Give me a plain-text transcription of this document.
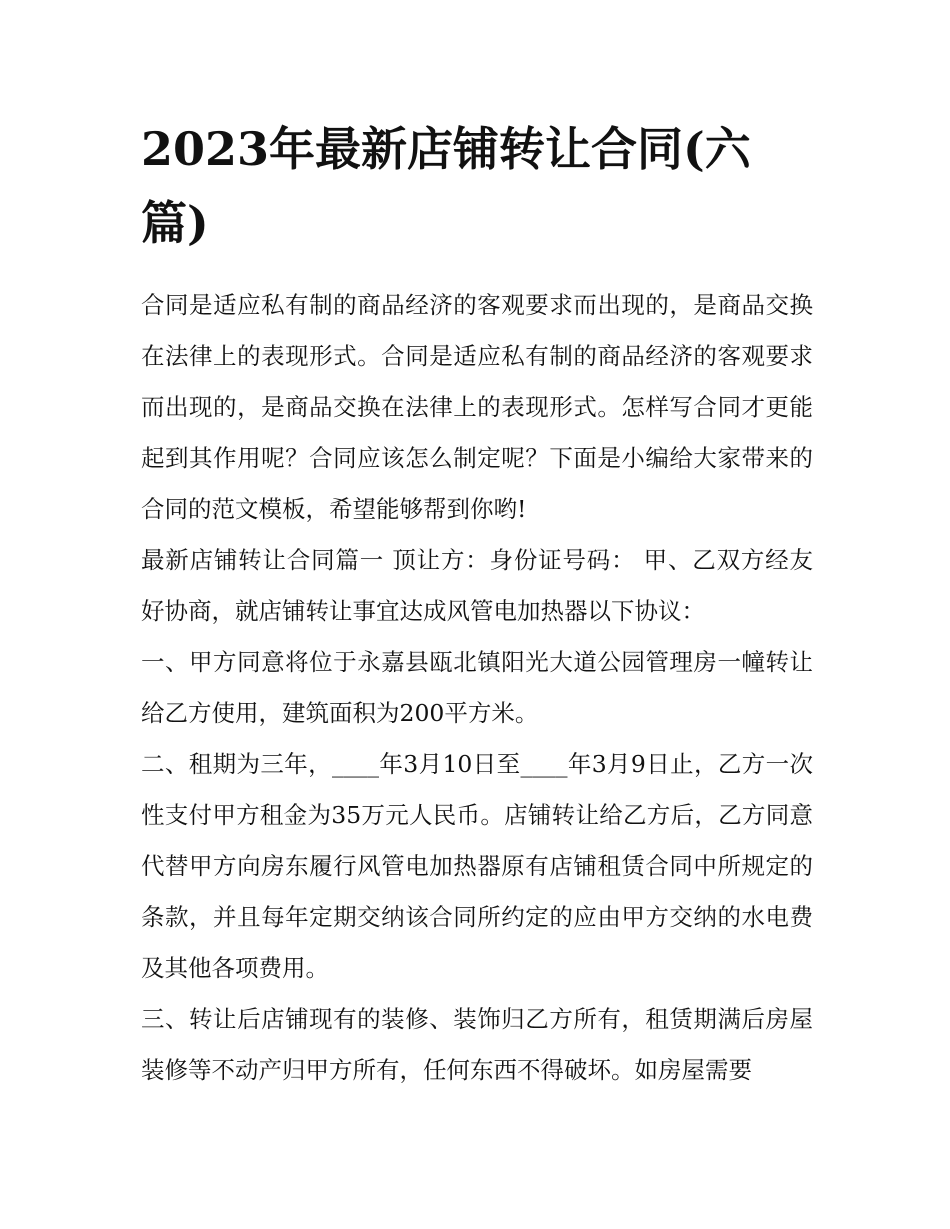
2023年最新店铺转让合同(六篇)

合同是适应私有制的商品经济的客观要求而出现的，是商品交换在法律上的表现形式。合同是适应私有制的商品经济的客观要求而出现的，是商品交换在法律上的表现形式。怎样写合同才更能起到其作用呢？合同应该怎么制定呢？下面是小编给大家带来的合同的范文模板，希望能够帮到你哟!

最新店铺转让合同篇一 顶让方：身份证号码： 甲、乙双方经友好协商，就店铺转让事宜达成风管电加热器以下协议：

一、甲方同意将位于永嘉县瓯北镇阳光大道公园管理房一幢转让给乙方使用，建筑面积为200平方米。

二、租期为三年，____年3月10日至____年3月9日止，乙方一次性支付甲方租金为35万元人民币。店铺转让给乙方后，乙方同意代替甲方向房东履行风管电加热器原有店铺租赁合同中所规定的条款，并且每年定期交纳该合同所约定的应由甲方交纳的水电费及其他各项费用。

三、转让后店铺现有的装修、装饰归乙方所有，租赁期满后房屋装修等不动产归甲方所有，任何东西不得破坏。如房屋需要
